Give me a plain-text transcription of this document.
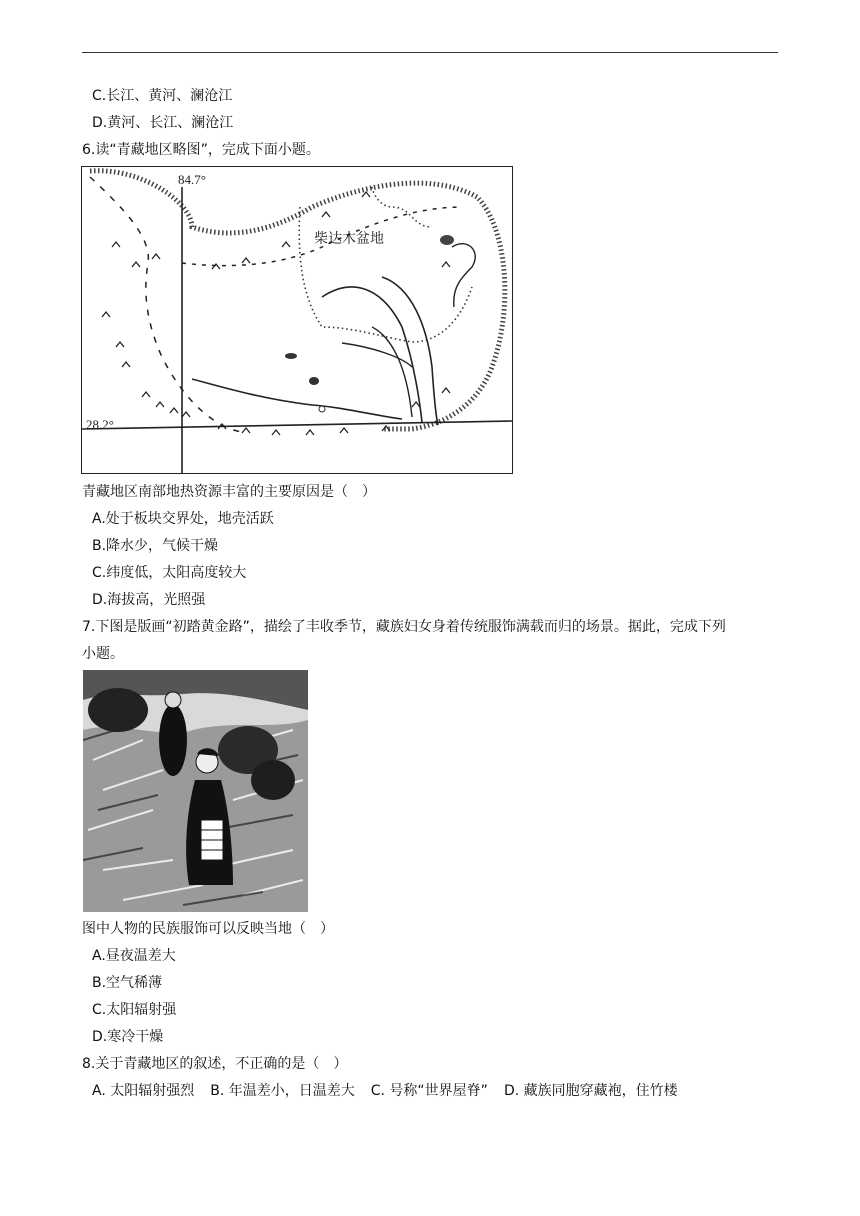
C.长江、黄河、澜沧江
D.黄河、长江、澜沧江
6.读“青藏地区略图”，完成下面小题。
84.7°
28.2°
柴达木盆地
青藏地区南部地热资源丰富的主要原因是（　）
A.处于板块交界处，地壳活跃
B.降水少，气候干燥
C.纬度低，太阳高度较大
D.海拔高，光照强
7.下图是版画“初踏黄金路”，描绘了丰收季节，藏族妇女身着传统服饰满载而归的场景。据此，完成下列
小题。
图中人物的民族服饰可以反映当地（　）
A.昼夜温差大
B.空气稀薄
C.太阳辐射强
D.寒冷干燥
8.关于青藏地区的叙述，不正确的是（　）
A. 太阳辐射强烈 B. 年温差小，日温差大 C. 号称“世界屋脊” D. 藏族同胞穿藏袍，住竹楼
